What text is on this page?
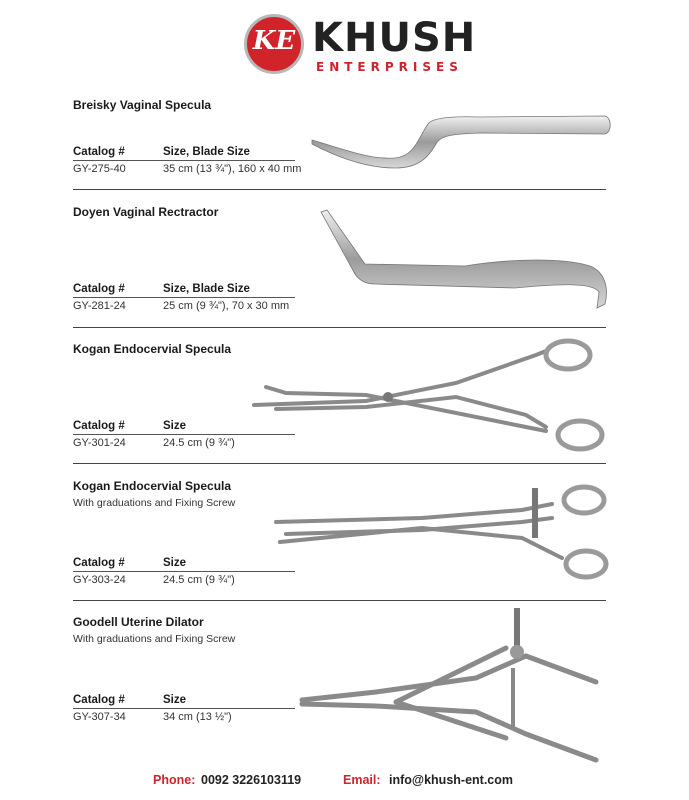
KE KHUSH
ENTERPRISES
Breisky Vaginal Specula
Catalog #	Size, Blade Size
GY-275-40	35 cm (13 ¾"), 160 x 40 mm
Doyen Vaginal Rectractor
Catalog #	Size, Blade Size
GY-281-24	25 cm (9 ¾"), 70 x 30 mm
Kogan Endocervial Specula
Catalog #	Size
GY-301-24	24.5 cm (9 ¾")
Kogan Endocervial Specula
With graduations and Fixing Screw
Catalog #	Size
GY-303-24	24.5 cm (9 ¾")
Goodell Uterine Dilator
With graduations and Fixing Screw
Catalog #	Size
GY-307-34	34 cm (13 ½")
Phone: 0092 3226103119	Email: info@khush-ent.com
